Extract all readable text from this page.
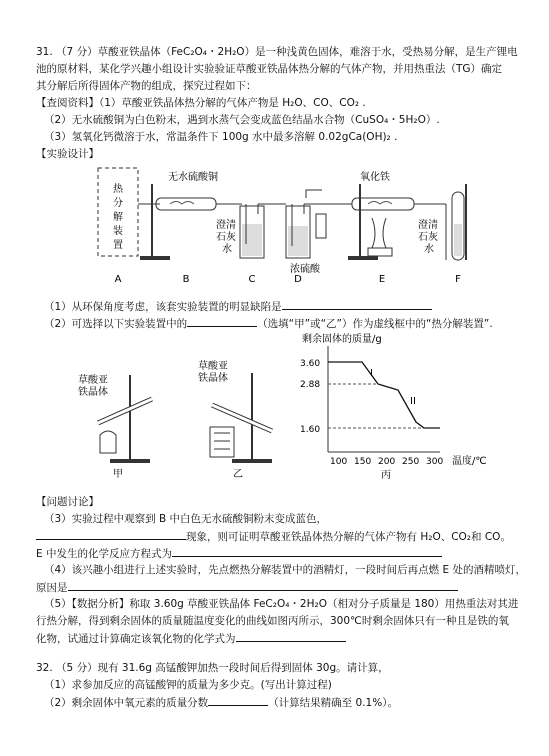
31. （7 分）草酸亚铁晶体（FeC₂O₄・2H₂O）是一种浅黄色固体，难溶于水，受热易分解，是生产锂电
池的原材料，某化学兴趣小组设计实验验证草酸亚铁晶体热分解的气体产物，并用热重法（TG）确定
其分解后所得固体产物的组成，探究过程如下：
【查阅资料】（1）草酸亚铁晶体热分解的气体产物是 H₂O、CO、CO₂ .
（2）无水硫酸铜为白色粉末，遇到水蒸气会变成蓝色结晶水合物（CuSO₄・5H₂O）.
（3）氢氧化钙微溶于水，常温条件下 100g 水中最多溶解 0.02gCa(OH)₂ .
【实验设计】
热
分
解
装
置
无水硫酸铜
澄清
石灰
水
浓硫酸
氧化铁
澄清
石灰
水
A	B	C	D	E	F
（1）从环保角度考虑，该套实验装置的明显缺陷是
（2）可选择以下实验装置中的	（选填“甲”或“乙”）作为虚线框中的“热分解装置”.
草酸亚
铁晶体
甲
草酸亚
铁晶体
乙
剩余固体的质量/g
3.60
2.88
1.60
I
II
100 150 200 250 300 温度/℃
丙
【问题讨论】
（3）实验过程中观察到 B 中白色无水硫酸铜粉末变成蓝色，
现象，则可证明草酸亚铁晶体热分解的气体产物有 H₂O、CO₂和 CO。
E 中发生的化学反应方程式为
（4）该兴趣小组进行上述实验时，先点燃热分解装置中的酒精灯，一段时间后再点燃 E 处的酒精喷灯，
原因是
（5）【数据分析】称取 3.60g 草酸亚铁晶体 FeC₂O₄・2H₂O（相对分子质量是 180）用热重法对其进
行热分解，得到剩余固体的质量随温度变化的曲线如图丙所示，300℃时剩余固体只有一种且是铁的氧
化物，试通过计算确定该氧化物的化学式为
32. （5 分）现有 31.6g 高锰酸钾加热一段时间后得到固体 30g。请计算，
（1）求参加反应的高锰酸钾的质量为多少克。(写出计算过程)
（2）剩余固体中氧元素的质量分数	（计算结果精确至 0.1%）。
